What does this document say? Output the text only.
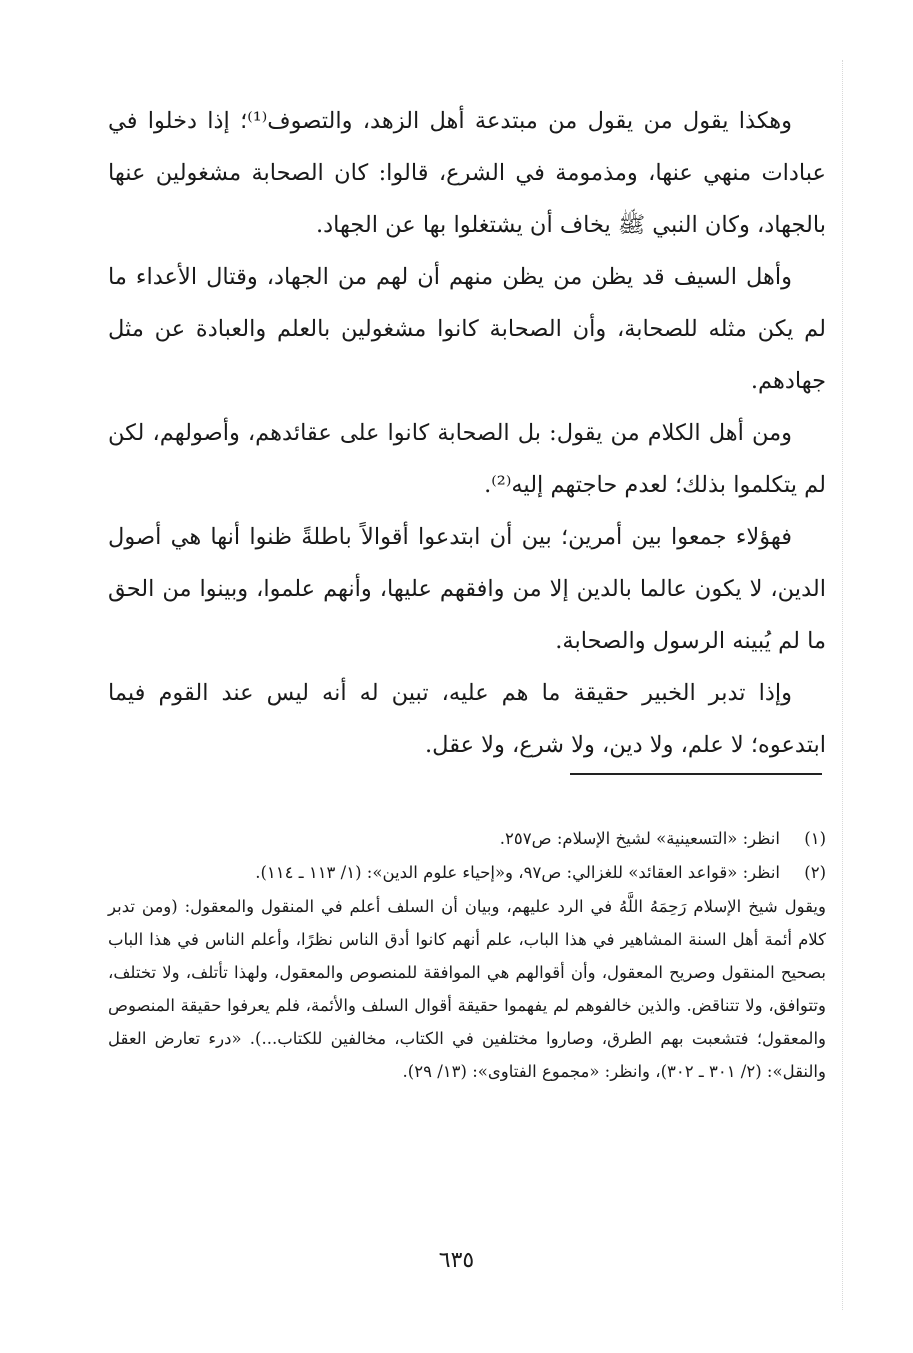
وهكذا يقول من يقول من مبتدعة أهل الزهد، والتصوف⁽¹⁾؛ إذا دخلوا في عبادات منهي عنها، ومذمومة في الشرع، قالوا: كان الصحابة مشغولين عنها بالجهاد، وكان النبي ﷺ يخاف أن يشتغلوا بها عن الجهاد.

وأهل السيف قد يظن من يظن منهم أن لهم من الجهاد، وقتال الأعداء ما لم يكن مثله للصحابة، وأن الصحابة كانوا مشغولين بالعلم والعبادة عن مثل جهادهم.

ومن أهل الكلام من يقول: بل الصحابة كانوا على عقائدهم، وأصولهم، لكن لم يتكلموا بذلك؛ لعدم حاجتهم إليه⁽²⁾.

فهؤلاء جمعوا بين أمرين؛ بين أن ابتدعوا أقوالاً باطلةً ظنوا أنها هي أصول الدين، لا يكون عالما بالدين إلا من وافقهم عليها، وأنهم علموا، وبينوا من الحق ما لم يُبينه الرسول والصحابة.

وإذا تدبر الخبير حقيقة ما هم عليه، تبين له أنه ليس عند القوم فيما ابتدعوه؛ لا علم، ولا دين، ولا شرع، ولا عقل.

(١)
انظر: «التسعينية» لشيخ الإسلام: ص٢٥٧.
(٢)
انظر: «قواعد العقائد» للغزالي: ص٩٧، و«إحياء علوم الدين»: (١/ ١١٣ ـ ١١٤).

ويقول شيخ الإسلام رَحِمَهُ اللَّهُ في الرد عليهم، وبيان أن السلف أعلم في المنقول والمعقول: (ومن تدبر كلام أئمة أهل السنة المشاهير في هذا الباب، علم أنهم كانوا أدق الناس نظرًا، وأعلم الناس في هذا الباب بصحيح المنقول وصريح المعقول، وأن أقوالهم هي الموافقة للمنصوص والمعقول، ولهذا تأتلف، ولا تختلف، وتتوافق، ولا تتناقض. والذين خالفوهم لم يفهموا حقيقة أقوال السلف والأئمة، فلم يعرفوا حقيقة المنصوص والمعقول؛ فتشعبت بهم الطرق، وصاروا مختلفين في الكتاب، مخالفين للكتاب...). «درء تعارض العقل والنقل»: (٢/ ٣٠١ ـ ٣٠٢)، وانظر: «مجموع الفتاوى»: (١٣/ ٢٩).

٦٣٥
